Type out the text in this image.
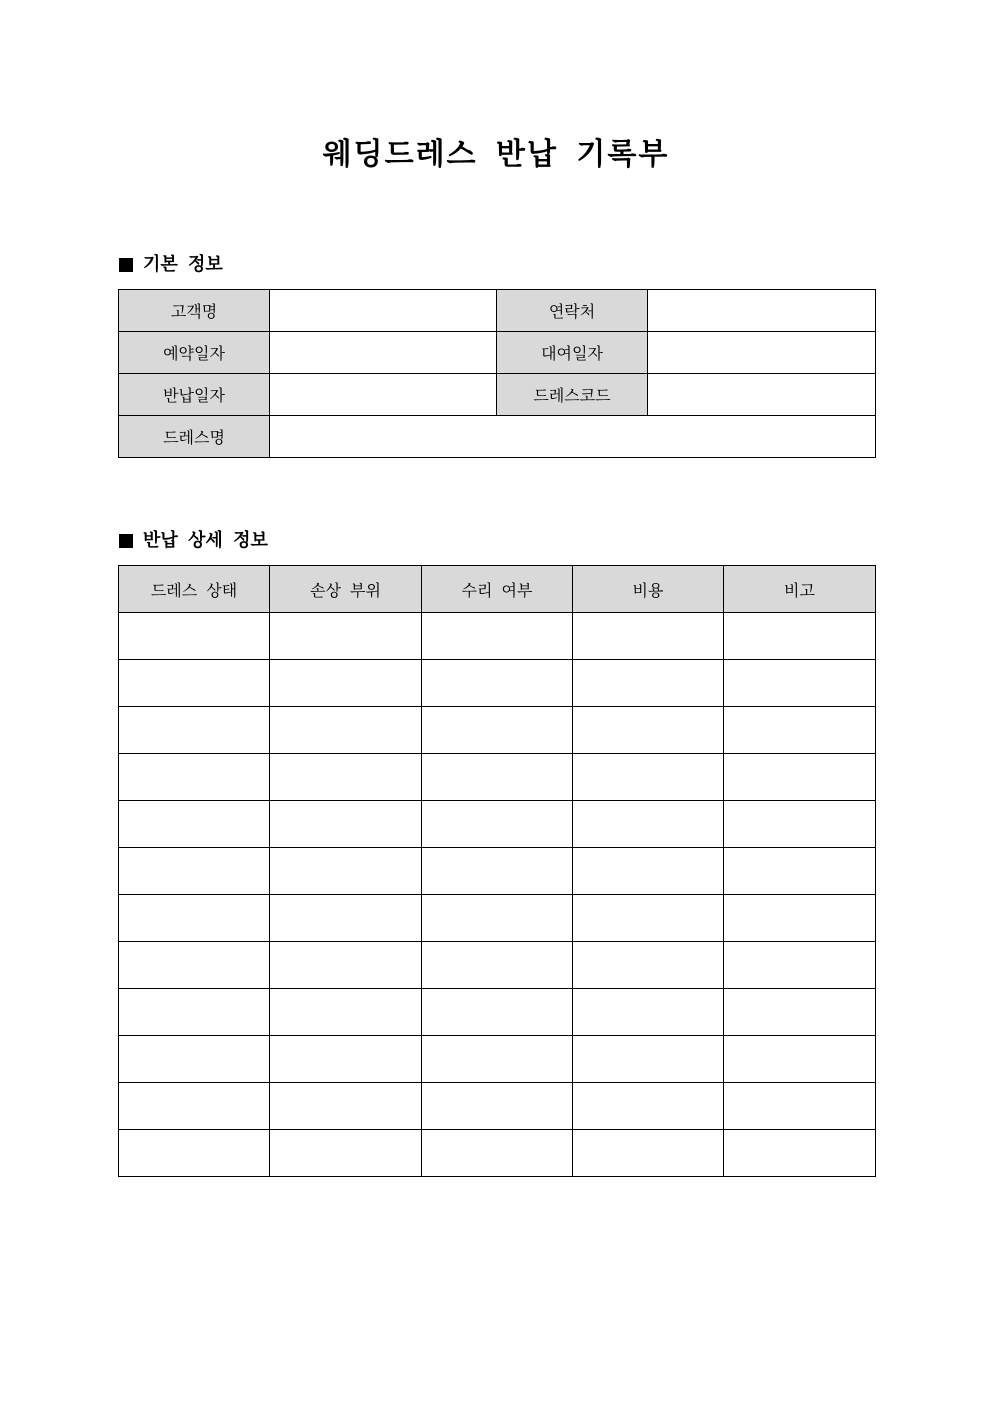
웨딩드레스 반납 기록부
기본 정보
고객명		연락처	
예약일자		대여일자	
반납일자		드레스코드	
드레스명			
반납 상세 정보
드레스 상태	손상 부위	수리 여부	비용	비고
